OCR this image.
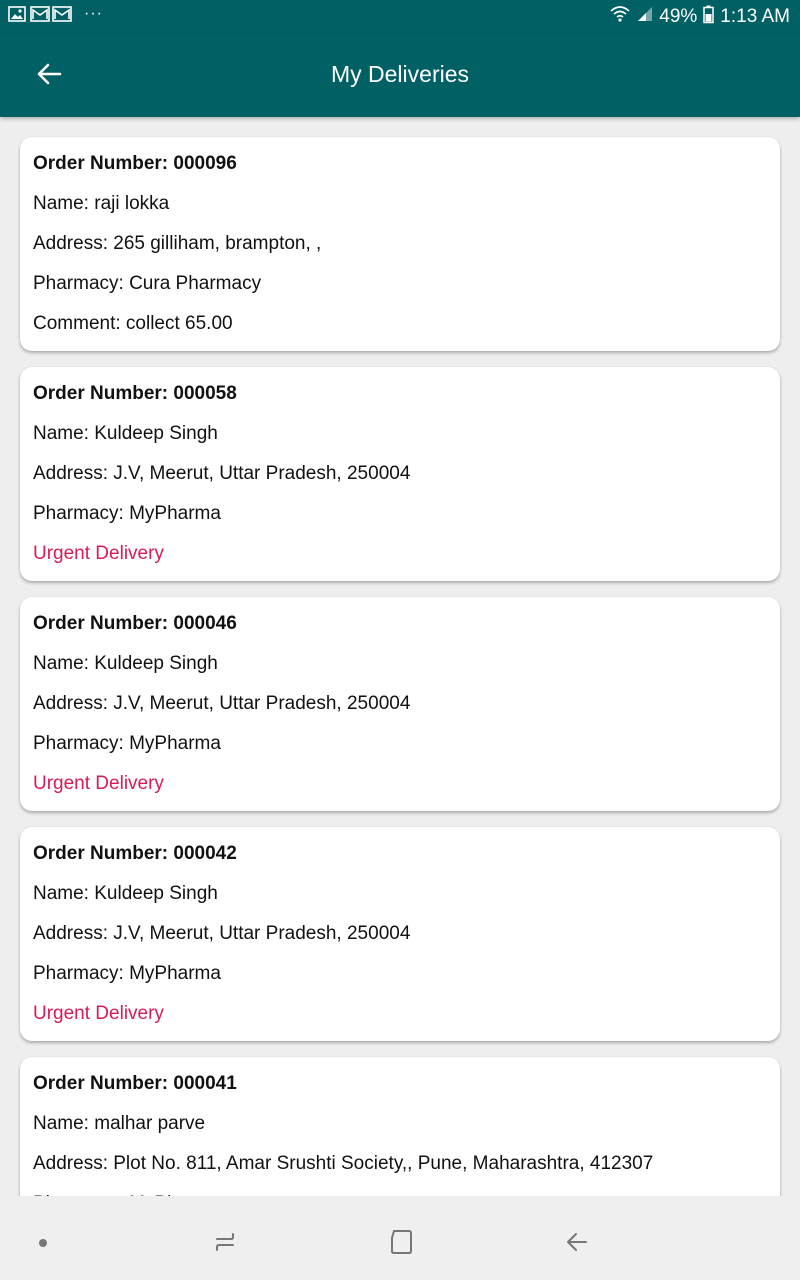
···	49% 1:13 AM
My Deliveries
Order Number: 000096
Name: raji lokka
Address: 265 gilliham, brampton, ,
Pharmacy: Cura Pharmacy
Comment: collect 65.00
Order Number: 000058
Name: Kuldeep Singh
Address: J.V, Meerut, Uttar Pradesh, 250004
Pharmacy: MyPharma
Urgent Delivery
Order Number: 000046
Name: Kuldeep Singh
Address: J.V, Meerut, Uttar Pradesh, 250004
Pharmacy: MyPharma
Urgent Delivery
Order Number: 000042
Name: Kuldeep Singh
Address: J.V, Meerut, Uttar Pradesh, 250004
Pharmacy: MyPharma
Urgent Delivery
Order Number: 000041
Name: malhar parve
Address: Plot No. 811, Amar Srushti Society,, Pune, Maharashtra, 412307
